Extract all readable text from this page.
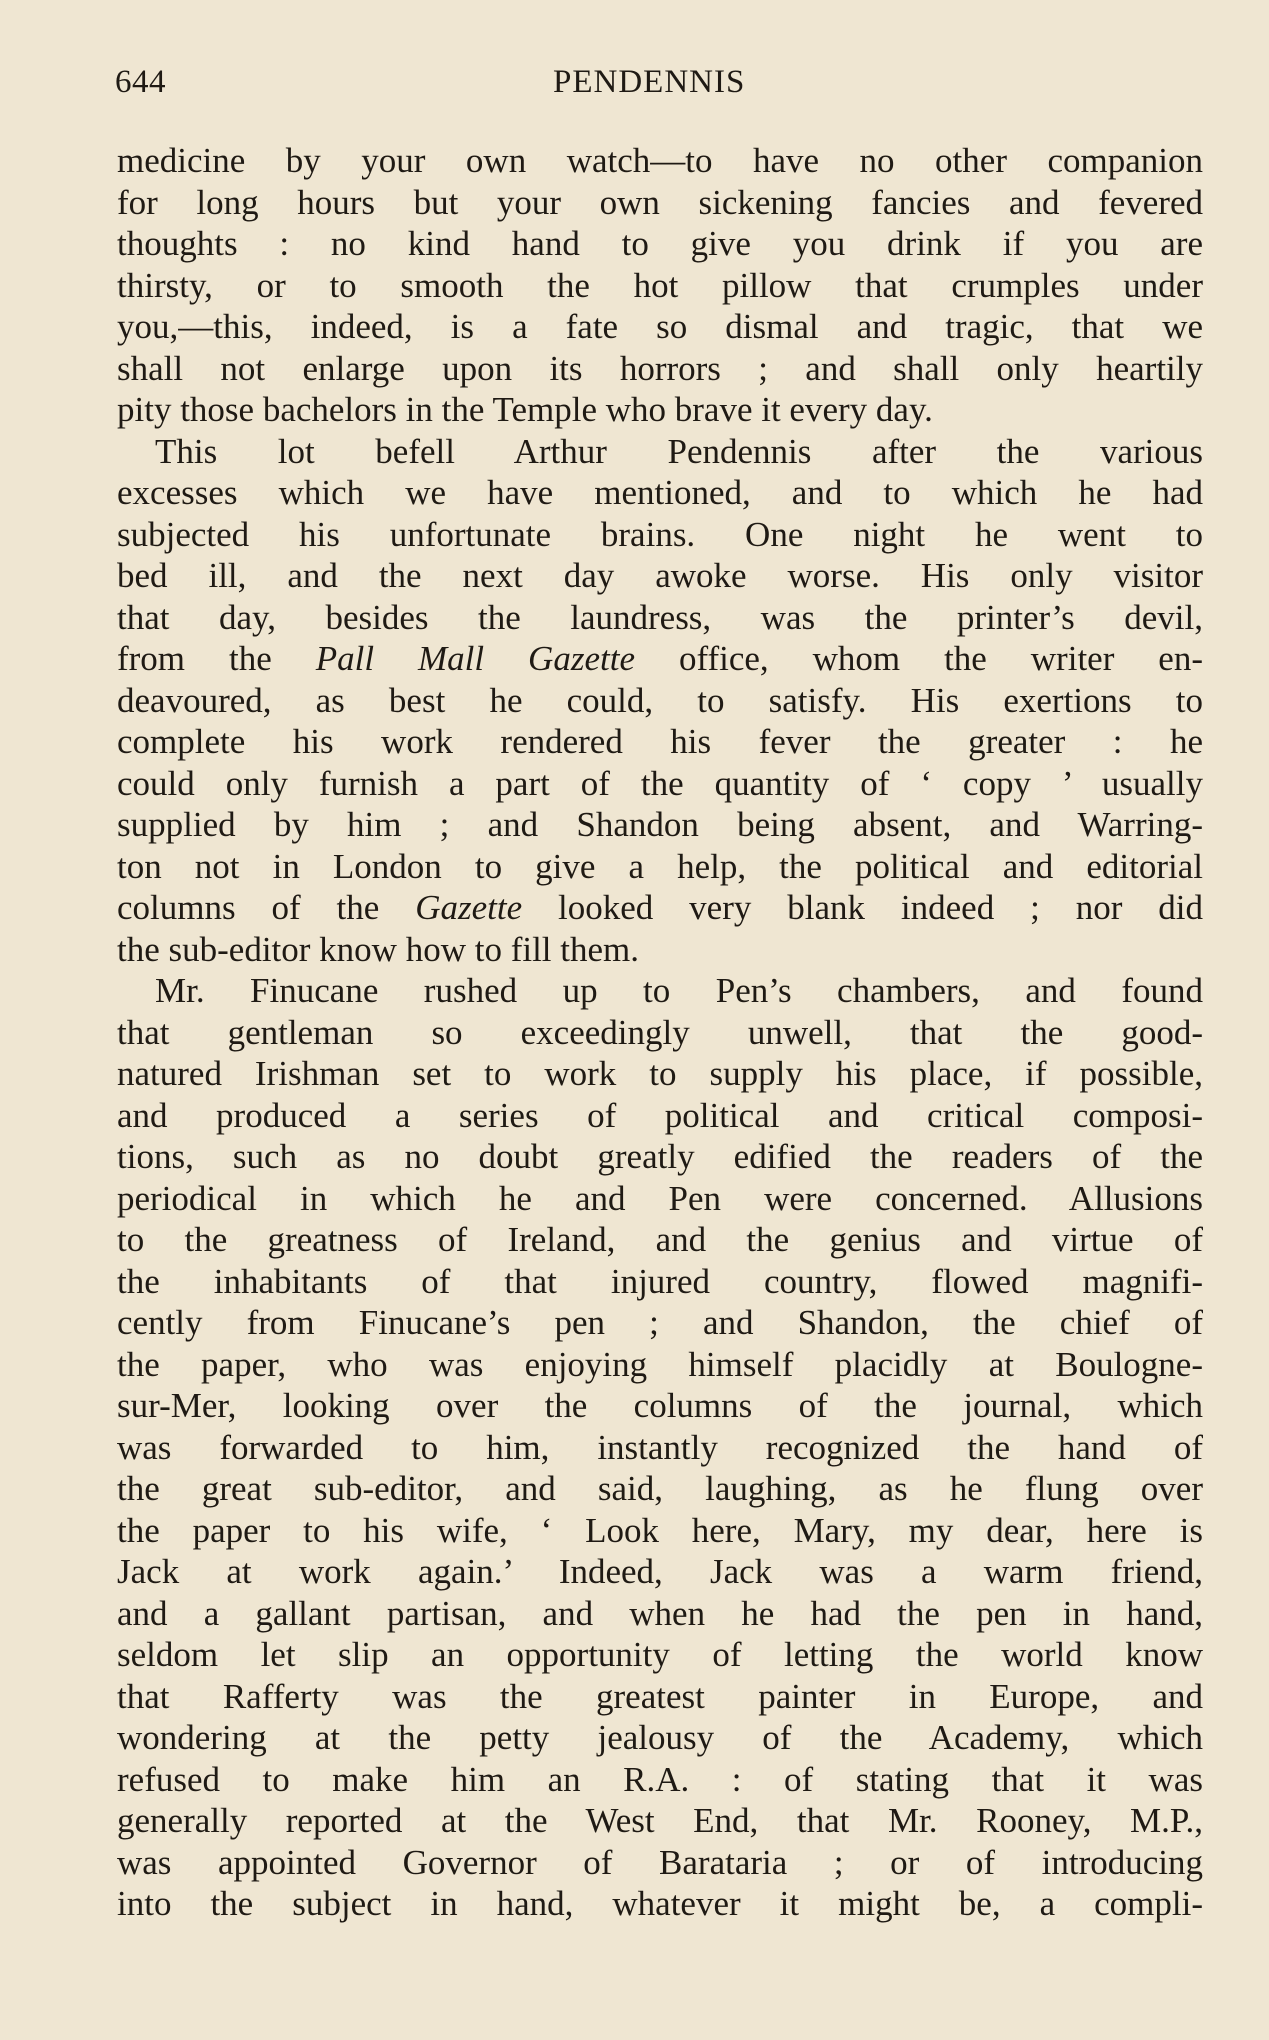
644	PENDENNIS
medicine by your own watch—to have no other companion
for long hours but your own sickening fancies and fevered
thoughts : no kind hand to give you drink if you are
thirsty, or to smooth the hot pillow that crumples under
you,—this, indeed, is a fate so dismal and tragic, that we
shall not enlarge upon its horrors ; and shall only heartily
pity those bachelors in the Temple who brave it every day.
This lot befell Arthur Pendennis after the various
excesses which we have mentioned, and to which he had
subjected his unfortunate brains. One night he went to
bed ill, and the next day awoke worse. His only visitor
that day, besides the laundress, was the printer’s devil,
from the Pall Mall Gazette office, whom the writer en-
deavoured, as best he could, to satisfy. His exertions to
complete his work rendered his fever the greater : he
could only furnish a part of the quantity of ‘ copy ’ usually
supplied by him ; and Shandon being absent, and Warring-
ton not in London to give a help, the political and editorial
columns of the Gazette looked very blank indeed ; nor did
the sub-editor know how to fill them.
Mr. Finucane rushed up to Pen’s chambers, and found
that gentleman so exceedingly unwell, that the good-
natured Irishman set to work to supply his place, if possible,
and produced a series of political and critical composi-
tions, such as no doubt greatly edified the readers of the
periodical in which he and Pen were concerned. Allusions
to the greatness of Ireland, and the genius and virtue of
the inhabitants of that injured country, flowed magnifi-
cently from Finucane’s pen ; and Shandon, the chief of
the paper, who was enjoying himself placidly at Boulogne-
sur-Mer, looking over the columns of the journal, which
was forwarded to him, instantly recognized the hand of
the great sub-editor, and said, laughing, as he flung over
the paper to his wife, ‘ Look here, Mary, my dear, here is
Jack at work again.’ Indeed, Jack was a warm friend,
and a gallant partisan, and when he had the pen in hand,
seldom let slip an opportunity of letting the world know
that Rafferty was the greatest painter in Europe, and
wondering at the petty jealousy of the Academy, which
refused to make him an R.A. : of stating that it was
generally reported at the West End, that Mr. Rooney, M.P.,
was appointed Governor of Barataria ; or of introducing
into the subject in hand, whatever it might be, a compli-
